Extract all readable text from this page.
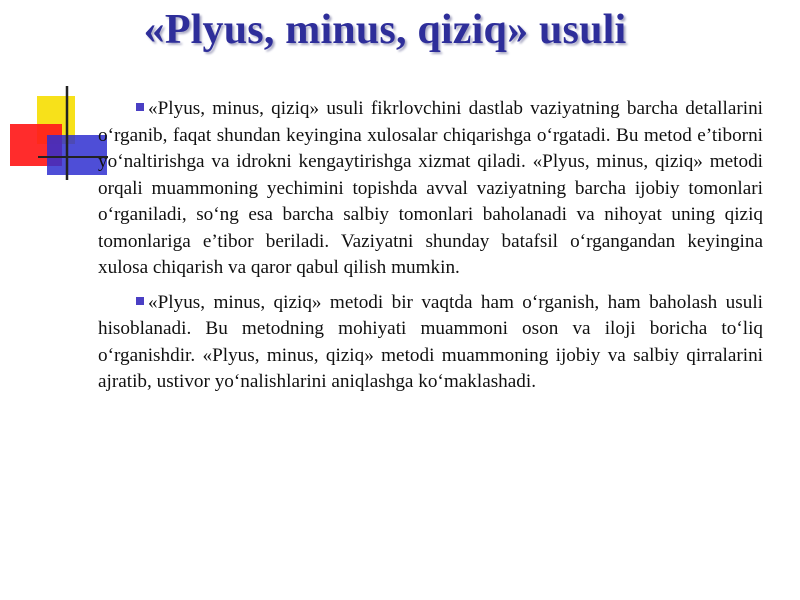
«Plyus, minus, qiziq» usuli

«Plyus, minus, qiziq» usuli fikrlovchini dastlab vaziyatning barcha detallarini o‘rganib, faqat shundan keyingina xulosalar chiqarishga o‘rgatadi. Bu metod e’tiborni yo‘naltirishga va idrokni kengaytirishga xizmat qiladi. «Plyus, minus, qiziq» metodi orqali muammoning yechimini topishda avval vaziyatning barcha ijobiy tomonlari o‘rganiladi, so‘ng esa barcha salbiy tomonlari baholanadi va nihoyat uning qiziq tomonlariga e’tibor beriladi. Vaziyatni shunday batafsil o‘rgangandan keyingina xulosa chiqarish va qaror qabul qilish mumkin.

«Plyus, minus, qiziq» metodi bir vaqtda ham o‘rganish, ham baholash usuli hisoblanadi. Bu metodning mohiyati muammoni oson va iloji boricha to‘liq o‘rganishdir. «Plyus, minus, qiziq» metodi muammoning ijobiy va salbiy qirralarini ajratib, ustivor yo‘nalishlarini aniqlashga ko‘maklashadi.
